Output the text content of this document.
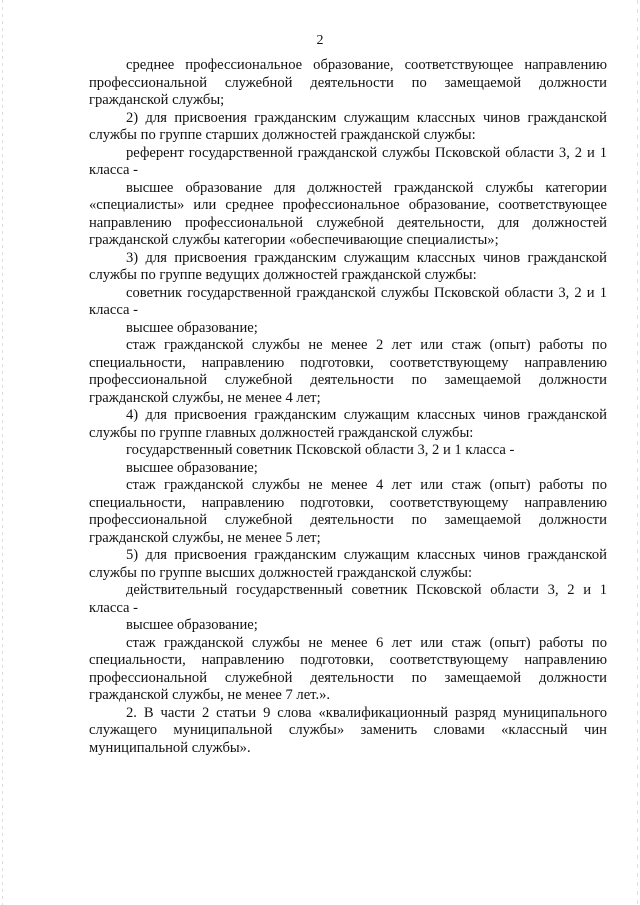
2

среднее профессиональное образование, соответствующее направлению профессиональной служебной деятельности по замещаемой должности гражданской службы;

2) для присвоения гражданским служащим классных чинов гражданской службы по группе старших должностей гражданской службы:

референт государственной гражданской службы Псковской области 3, 2 и 1 класса -

высшее образование для должностей гражданской службы категории «специалисты» или среднее профессиональное образование, соответствующее направлению профессиональной служебной деятельности, для должностей гражданской службы категории «обеспечивающие специалисты»;

3) для присвоения гражданским служащим классных чинов гражданской службы по группе ведущих должностей гражданской службы:

советник государственной гражданской службы Псковской области 3, 2 и 1 класса -

высшее образование;

стаж гражданской службы не менее 2 лет или стаж (опыт) работы по специальности, направлению подготовки, соответствующему направлению профессиональной служебной деятельности по замещаемой должности гражданской службы, не менее 4 лет;

4) для присвоения гражданским служащим классных чинов гражданской службы по группе главных должностей гражданской службы:

государственный советник Псковской области 3, 2 и 1 класса -

высшее образование;

стаж гражданской службы не менее 4 лет или стаж (опыт) работы по специальности, направлению подготовки, соответствующему направлению профессиональной служебной деятельности по замещаемой должности гражданской службы, не менее 5 лет;

5) для присвоения гражданским служащим классных чинов гражданской службы по группе высших должностей гражданской службы:

действительный государственный советник Псковской области 3, 2 и 1 класса -

высшее образование;

стаж гражданской службы не менее 6 лет или стаж (опыт) работы по специальности, направлению подготовки, соответствующему направлению профессиональной служебной деятельности по замещаемой должности гражданской службы, не менее 7 лет.».

2. В части 2 статьи 9 слова «квалификационный разряд муниципального служащего муниципальной службы» заменить словами «классный чин муниципальной службы».
